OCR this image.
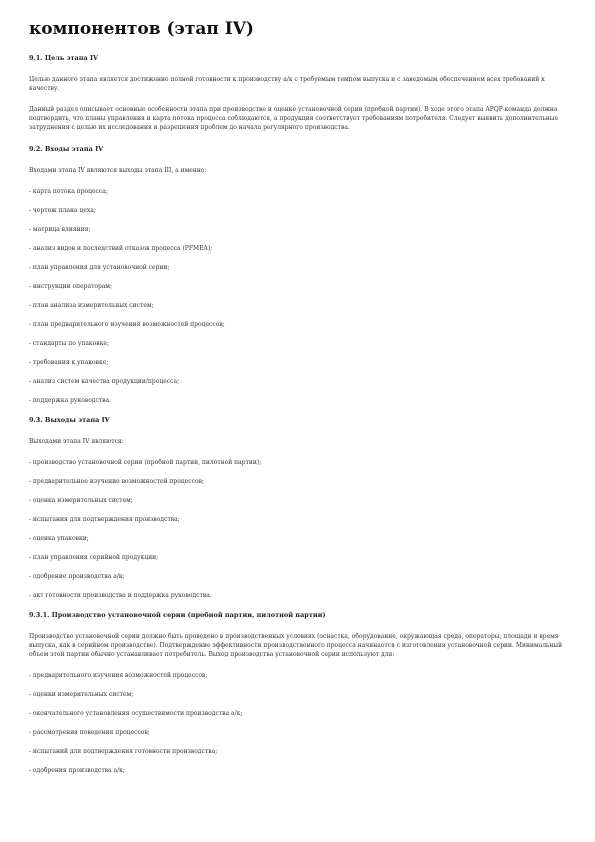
компонентов (этап IV)
9.1. Цель этапа IV

Целью данного этапа является достижение полной готовности к производству а/к с требуемым темпом выпуска и с заведомым обеспечением всех требований к качеству.

Данный раздел описывает основные особенности этапа при производстве и оценке установочной серии (пробной партии). В ходе этого этапа APQP-команда должна подтвердить, что планы управления и карта потока процесса соблюдаются, а продукция соответствует требованиям потребителя. Следует выявить дополнительные затруднения с целью их исследования и разрешения проблем до начала регулярного производства.

9.2. Входы этапа IV

Входами этапа IV являются выходы этапа III, а именно:

- карта потока процесса;
- чертеж плана цеха;
- матрица влияния;
- анализ видов и последствий отказов процесса (PFMEA);
- план управления для установочной серии;
- инструкции операторам;
- план анализа измерительных систем;
- план предварительного изучения возможностей процессов;
- стандарты по упаковке;
- требования к упаковке;
- анализ систем качества продукции/процесса;
- поддержка руководства.
9.3. Выходы этапа IV

Выходами этапа IV являются:

- производство установочной серии (пробной партии, пилотной партии);
- предварительное изучение возможностей процессов;
- оценка измерительных систем;
- испытания для подтверждения производства;
- оценка упаковки;
- план управления серийной продукции;
- одобрение производства а/к;
- акт готовности производства и поддержка руководства.
9.3.1. Производство установочной серии (пробной партии, пилотной партии)

Производство установочной серии должно быть проведено в производственных условиях (оснастка, оборудование, окружающая среда, операторы, площади и время выпуска, как в серийном производстве). Подтверждение эффективности производственного процесса начинается с изготовления установочной серии. Минимальный объем этой партии обычно устанавливает потребитель. Выход производства установочной серии используют для:

- предварительного изучения возможностей процессов;
- оценки измерительных систем;
- окончательного установления осуществимости производства а/к;
- рассмотрения поведения процессов;
- испытаний для подтверждения готовности производства;
- одобрения производства а/к;
